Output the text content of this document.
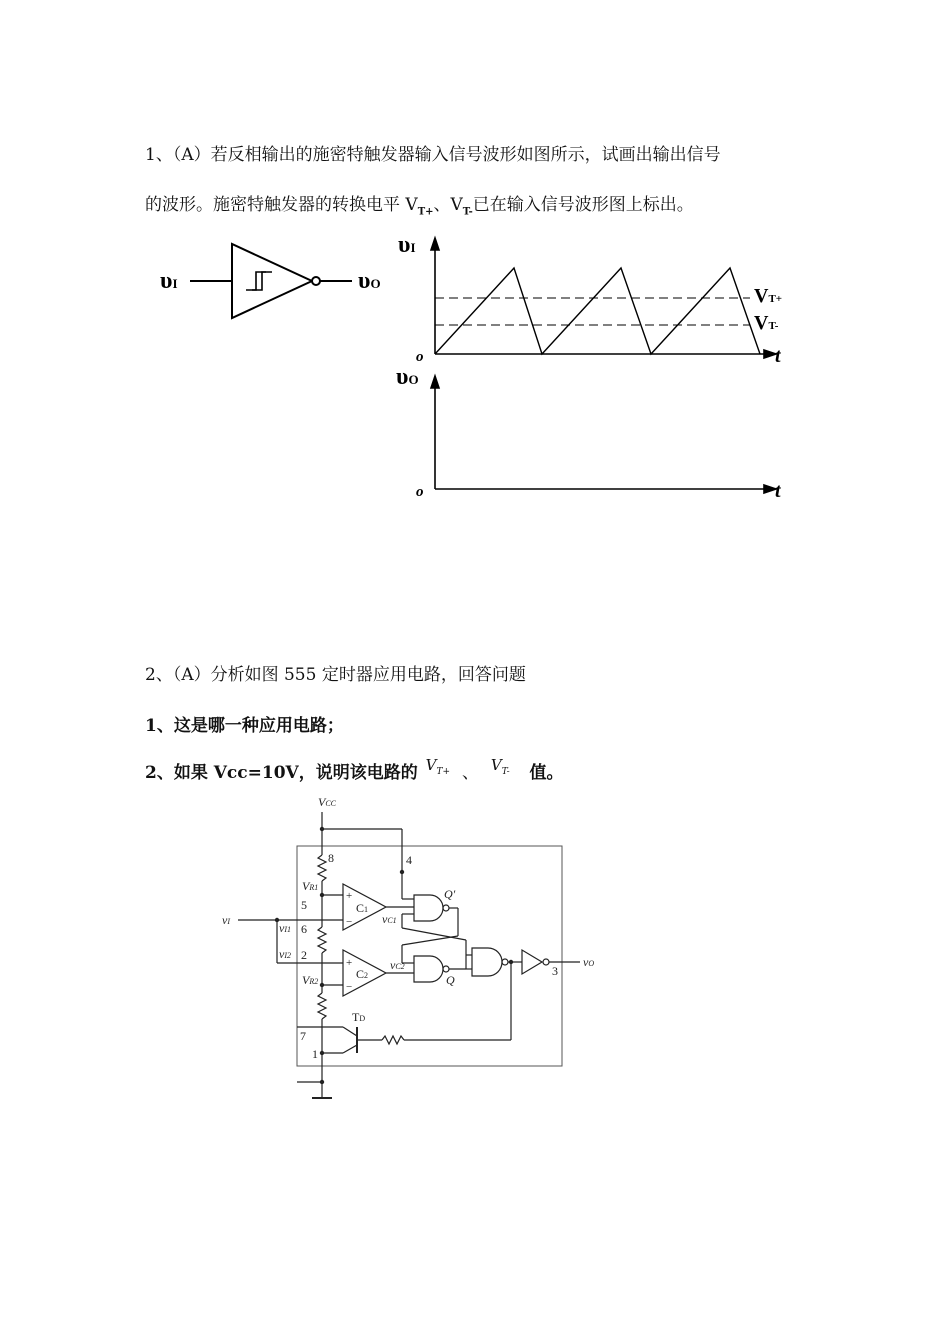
1、（A）若反相输出的施密特触发器输入信号波形如图所示，试画出输出信号
的波形。施密特触发器的转换电平 $V_{T+}$、$V_{T-}$已在输入信号波形图上标出。
υI	υO
υI
o	t
VT+
VT-
υO
o	t
2、（A）分析如图 555 定时器应用电路，回答问题
1、这是哪一种应用电路；
2、如果 Vcc=10V，说明该电路的 $V_{T+}$ 、 $V_{T-}$ 值。
VCC
8	4
VR1
5
vI	vI1 6
vI2 2
VR2
+
C1
−
+
C2
−
vC1
vC2
Q′
Q
3
vO
TD
7
1
